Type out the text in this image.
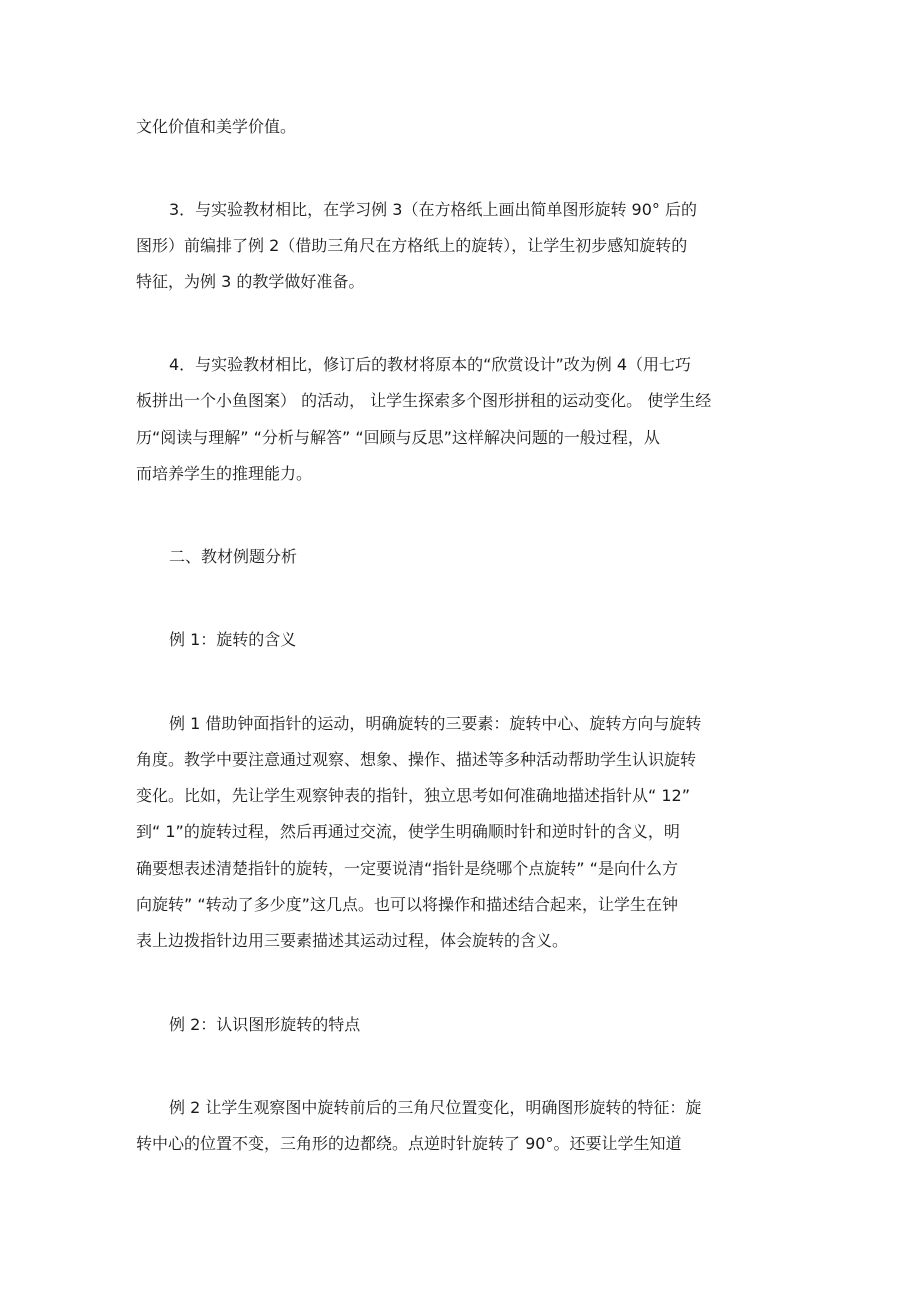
文化价值和美学价值。
3．与实验教材相比，在学习例 3（在方格纸上画出简单图形旋转 90° 后的
图形）前编排了例 2（借助三角尺在方格纸上的旋转），让学生初步感知旋转的
特征，为例 3 的教学做好准备。
4．与实验教材相比，修订后的教材将原本的“欣赏设计”改为例 4（用七巧
板拼出一个小鱼图案） 的活动， 让学生探索多个图形拼租的运动变化。 使学生经
历“阅读与理解” “分析与解答” “回顾与反思”这样解决问题的一般过程，从
而培养学生的推理能力。
二、教材例题分析
例 1：旋转的含义
例 1 借助钟面指针的运动，明确旋转的三要素：旋转中心、旋转方向与旋转
角度。教学中要注意通过观察、想象、操作、描述等多种活动帮助学生认识旋转
变化。比如，先让学生观察钟表的指针，独立思考如何准确地描述指针从“ 12”
到“ 1”的旋转过程，然后再通过交流，使学生明确顺时针和逆时针的含义，明
确要想表述清楚指针的旋转，一定要说清“指针是绕哪个点旋转” “是向什么方
向旋转” “转动了多少度”这几点。也可以将操作和描述结合起来，让学生在钟
表上边拨指针边用三要素描述其运动过程，体会旋转的含义。
例 2：认识图形旋转的特点
例 2 让学生观察图中旋转前后的三角尺位置变化，明确图形旋转的特征：旋
转中心的位置不变，三角形的边都绕。点逆时针旋转了 90°。还要让学生知道
